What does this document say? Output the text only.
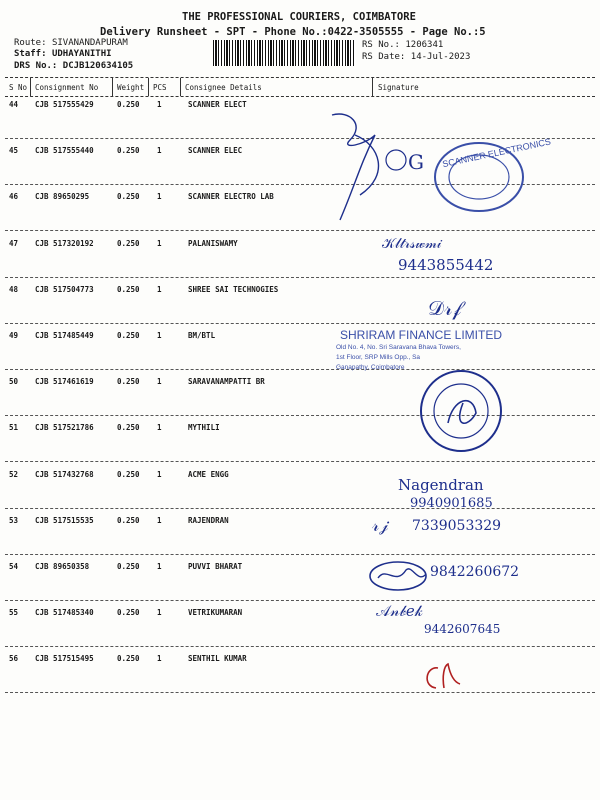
THE PROFESSIONAL COURIERS, COIMBATORE
Delivery Runsheet - SPT - Phone No.:0422-3505555 - Page No.:5
Route: SIVANANDAPURAM
Staff: UDHAYANITHI
DRS No.: DCJB120634105
RS No.: 1206341
RS Date: 14-Jul-2023
S No Consignment No	Weight PCS Consignee Details	Signature
44 CJB 517555429	0.250 1	SCANNER ELECT
45 CJB 517555440	0.250 1	SCANNER ELEC
46 CJB 89650295	0.250 1	SCANNER ELECTRO LAB
47 CJB 517320192	0.250 1	PALANISWAMY
48 CJB 517504773	0.250 1	SHREE SAI TECHNOGIES
49 CJB 517485449	0.250 1	BM/BTL
50 CJB 517461619	0.250 1	SARAVANAMPATTI BR
51 CJB 517521786	0.250 1	MYTHILI
52 CJB 517432768	0.250 1	ACME ENGG
53 CJB 517515535	0.250 1	RAJENDRAN
54 CJB 89650358	0.250 1	PUVVI BHARAT
55 CJB 517485340	0.250 1	VETRIKUMARAN
56 CJB 517515495	0.250 1	SENTHIL KUMAR
SCANNER ELECTRONICS
G
𝒦𝓁𝓉𝓇𝓈𝓌𝓂𝒾
9443855442
𝒟𝓇𝒻
SHRIRAM FINANCE LIMITED
Old No. 4, No. Sri Saravana Bhava Towers,
1st Floor, SRP Mills Opp., Sa
Ganapathy, Coimbatore
Nagendran
9940901685
𝓇𝒿 7339053329
9842260672
𝒜𝓃𝒷𝑒𝓀
9442607645
